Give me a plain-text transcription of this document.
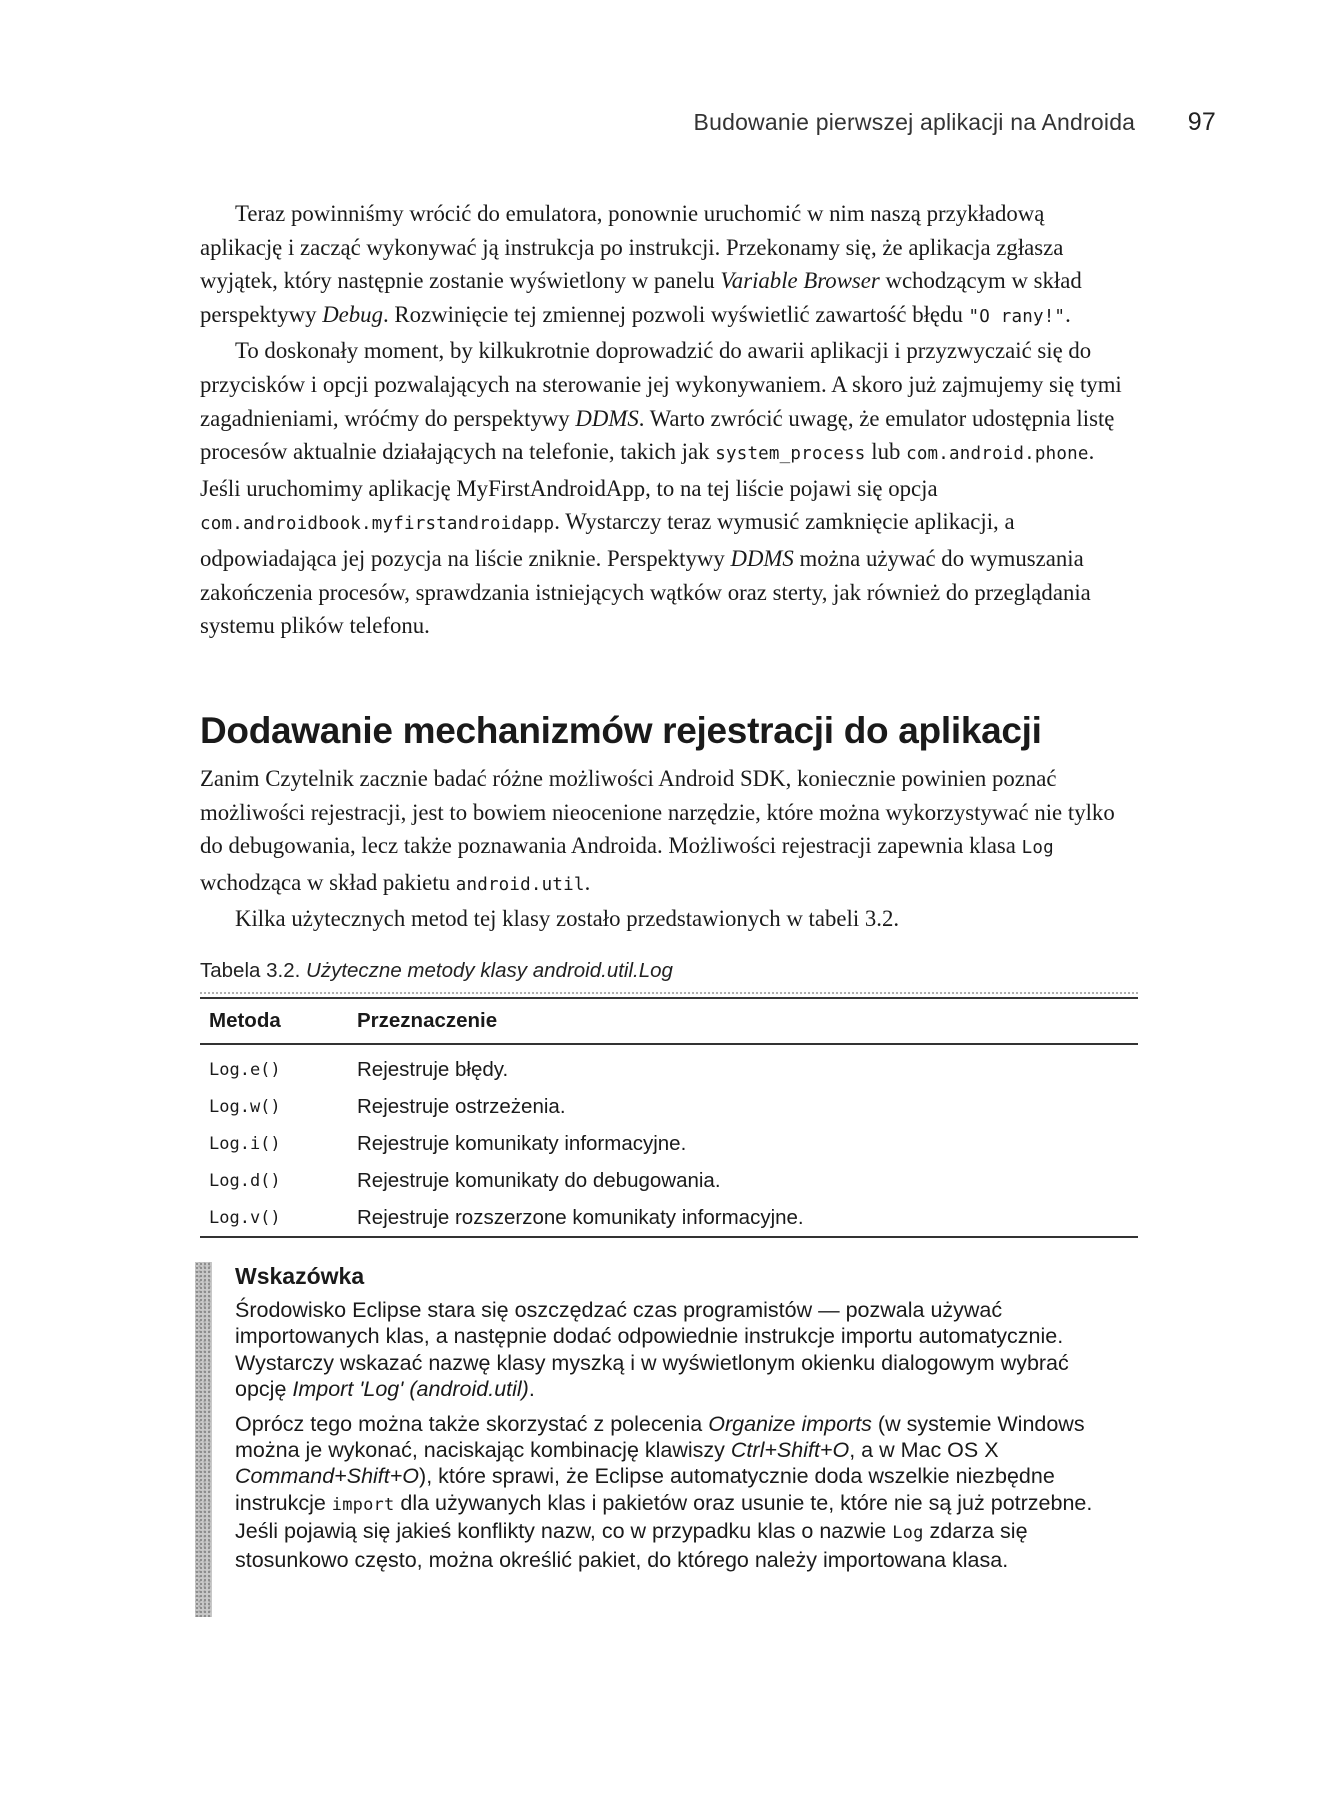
Budowanie pierwszej aplikacji na Androida 97

Teraz powinniśmy wrócić do emulatora, ponownie uruchomić w nim naszą przykładową aplikację i zacząć wykonywać ją instrukcja po instrukcji. Przekonamy się, że aplikacja zgłasza wyjątek, który następnie zostanie wyświetlony w panelu Variable Browser wchodzącym w skład perspektywy Debug. Rozwinięcie tej zmiennej pozwoli wyświetlić zawartość błędu "O rany!".

To doskonały moment, by kilkukrotnie doprowadzić do awarii aplikacji i przyzwyczaić się do przycisków i opcji pozwalających na sterowanie jej wykonywaniem. A skoro już zajmujemy się tymi zagadnieniami, wróćmy do perspektywy DDMS. Warto zwrócić uwagę, że emulator udostępnia listę procesów aktualnie działających na telefonie, takich jak system_process lub com.android.phone. Jeśli uruchomimy aplikację MyFirstAndroidApp, to na tej liście pojawi się opcja com.androidbook.myfirstandroidapp. Wystarczy teraz wymusić zamknięcie aplikacji, a odpowiadająca jej pozycja na liście zniknie. Perspektywy DDMS można używać do wymuszania zakończenia procesów, sprawdzania istniejących wątków oraz sterty, jak również do przeglądania systemu plików telefonu.

Dodawanie mechanizmów rejestracji do aplikacji

Zanim Czytelnik zacznie badać różne możliwości Android SDK, koniecznie powinien poznać możliwości rejestracji, jest to bowiem nieocenione narzędzie, które można wykorzystywać nie tylko do debugowania, lecz także poznawania Androida. Możliwości rejestracji zapewnia klasa Log wchodząca w skład pakietu android.util.

Kilka użytecznych metod tej klasy zostało przedstawionych w tabeli 3.2.

Tabela 3.2. Użyteczne metody klasy android.util.Log
Metoda	Przeznaczenie
Log.e()	Rejestruje błędy.
Log.w()	Rejestruje ostrzeżenia.
Log.i()	Rejestruje komunikaty informacyjne.
Log.d()	Rejestruje komunikaty do debugowania.
Log.v()	Rejestruje rozszerzone komunikaty informacyjne.
Wskazówka

Środowisko Eclipse stara się oszczędzać czas programistów — pozwala używać importowanych klas, a następnie dodać odpowiednie instrukcje importu automatycznie. Wystarczy wskazać nazwę klasy myszką i w wyświetlonym okienku dialogowym wybrać opcję Import 'Log' (android.util).

Oprócz tego można także skorzystać z polecenia Organize imports (w systemie Windows można je wykonać, naciskając kombinację klawiszy Ctrl+Shift+O, a w Mac OS X Command+Shift+O), które sprawi, że Eclipse automatycznie doda wszelkie niezbędne instrukcje import dla używanych klas i pakietów oraz usunie te, które nie są już potrzebne. Jeśli pojawią się jakieś konflikty nazw, co w przypadku klas o nazwie Log zdarza się stosunkowo często, można określić pakiet, do którego należy importowana klasa.
